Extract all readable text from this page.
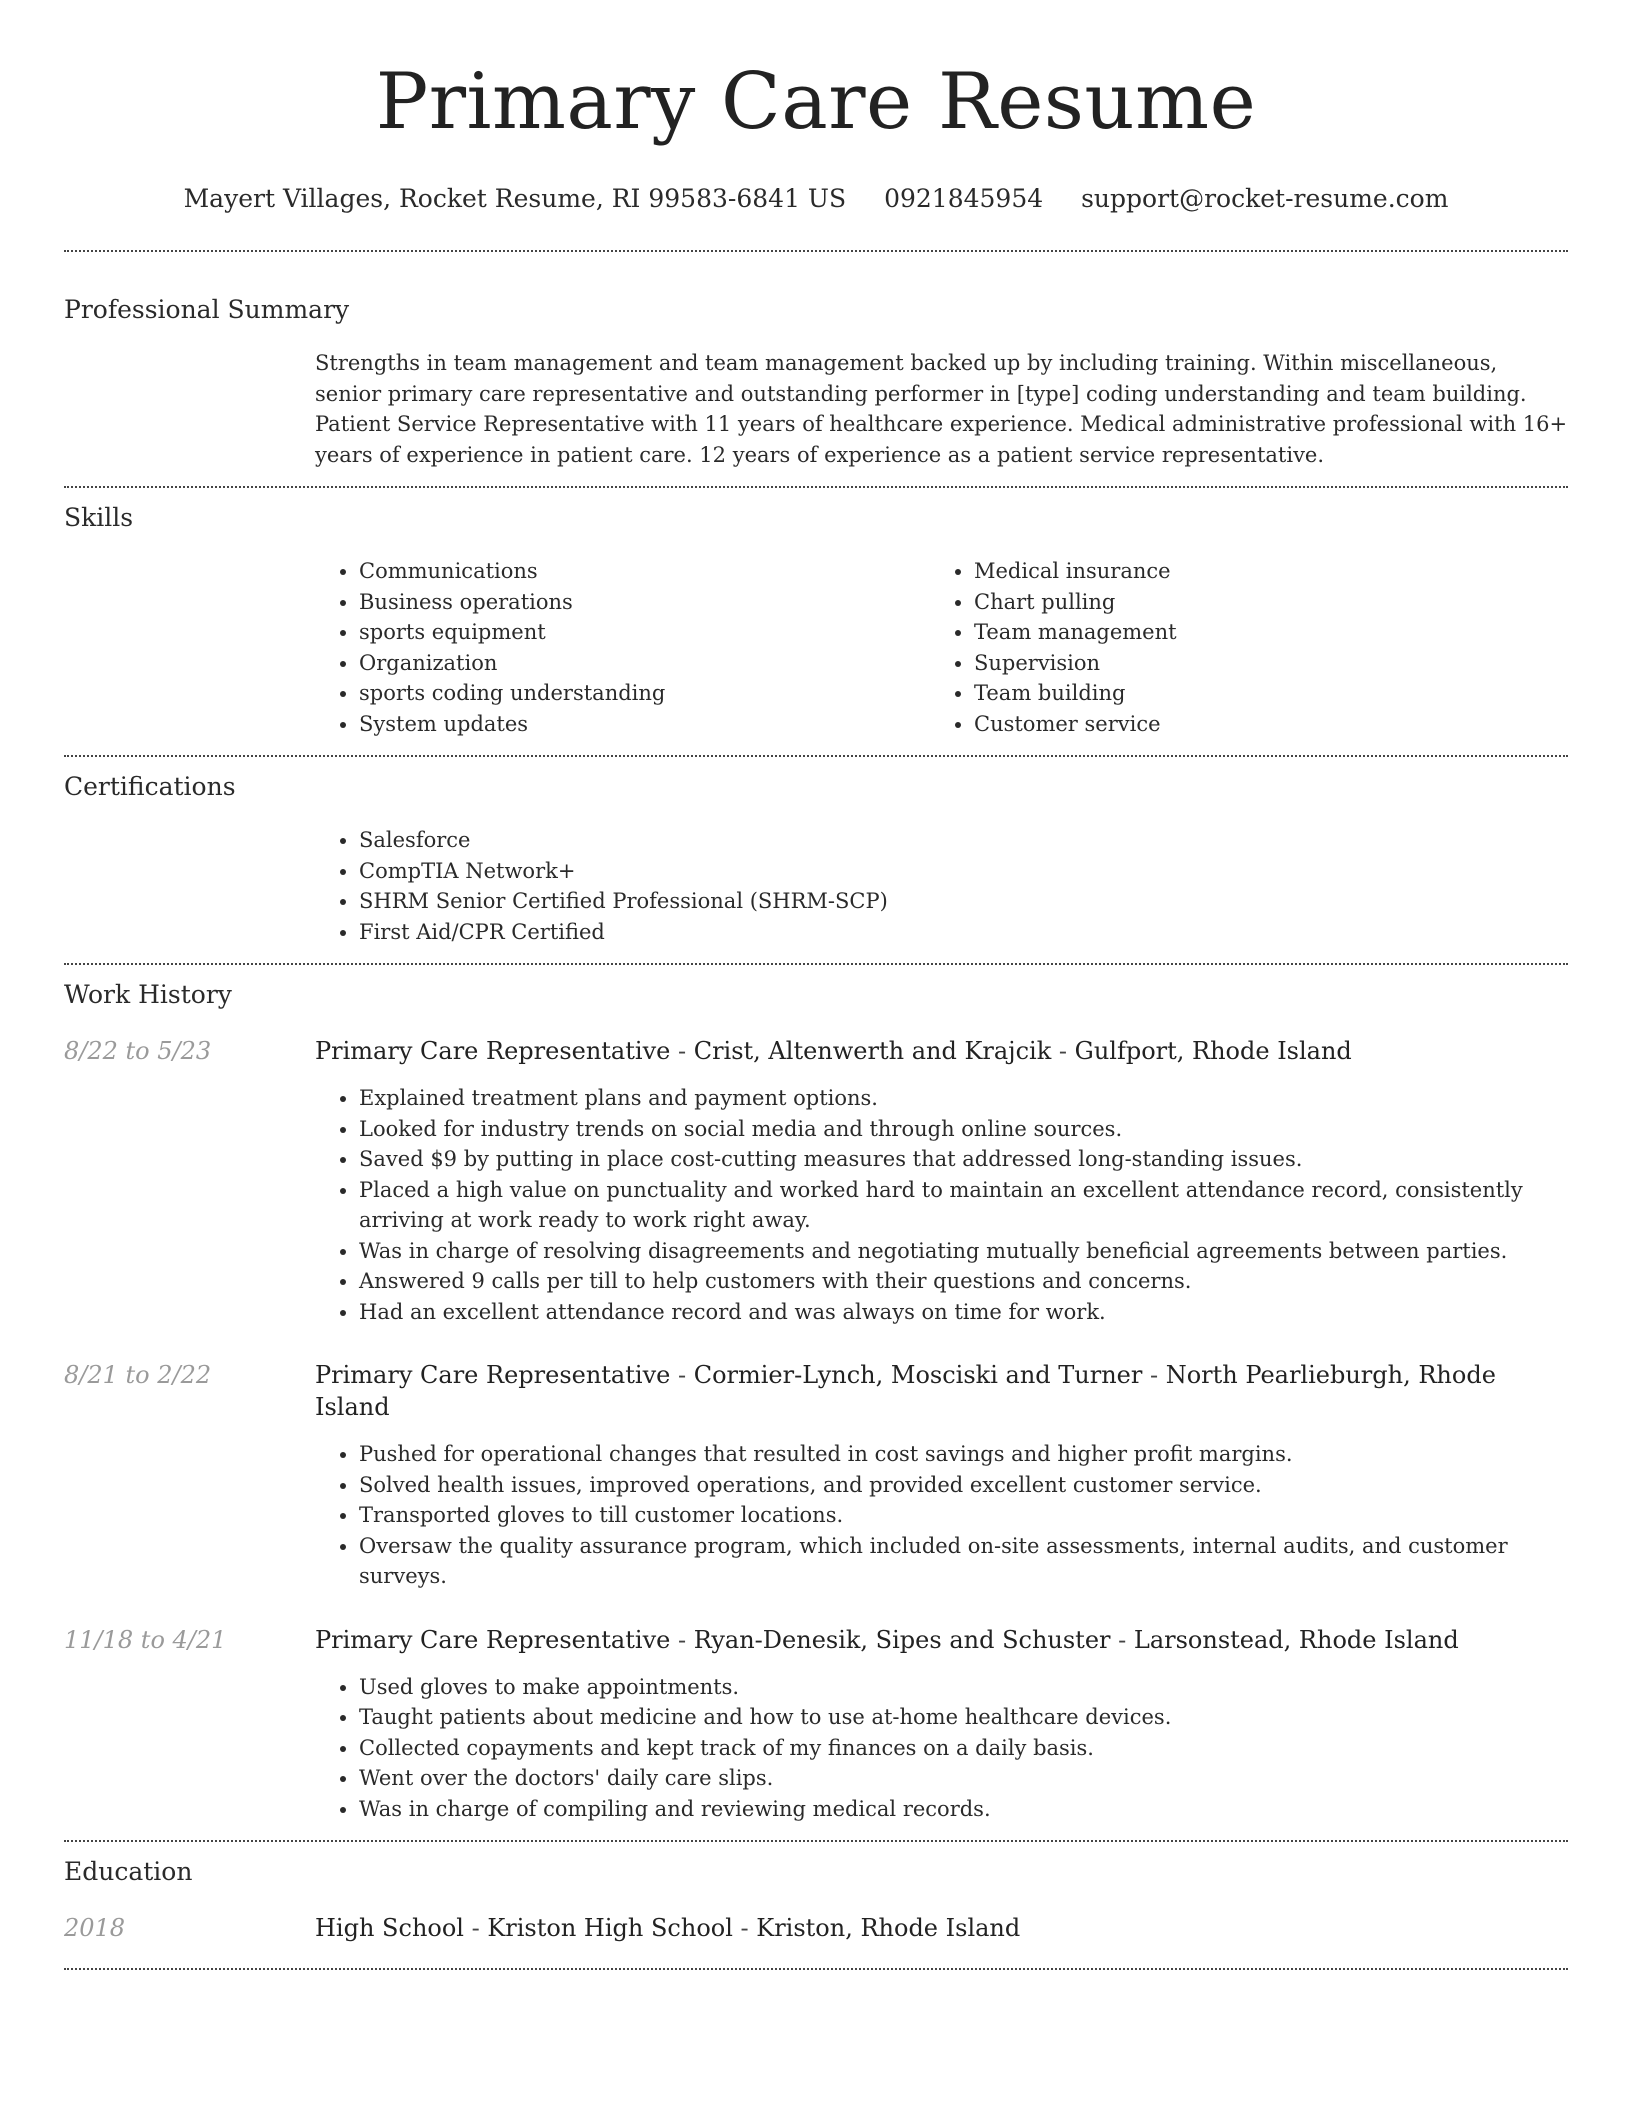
Primary Care Resume
Mayert Villages, Rocket Resume, RI 99583-6841 US 0921845954 support@rocket-resume.com
Professional Summary

Strengths in team management and team management backed up by including training. Within miscellaneous, senior primary care representative and outstanding performer in [type] coding understanding and team building. Patient Service Representative with 11 years of healthcare experience. Medical administrative professional with 16+ years of experience in patient care. 12 years of experience as a patient service representative.

Skills
• Communications
• Business operations
• sports equipment
• Organization
• sports coding understanding
• System updates
• Medical insurance
• Chart pulling
• Team management
• Supervision
• Team building
• Customer service
Certifications
• Salesforce
• CompTIA Network+
• SHRM Senior Certified Professional (SHRM-SCP)
• First Aid/CPR Certified
Work History
8/22 to 5/23	Primary Care Representative - Crist, Altenwerth and Krajcik - Gulfport, Rhode Island
• Explained treatment plans and payment options.
• Looked for industry trends on social media and through online sources.
• Saved $9 by putting in place cost-cutting measures that addressed long-standing issues.
• Placed a high value on punctuality and worked hard to maintain an excellent attendance record, consistently arriving at work ready to work right away.
• Was in charge of resolving disagreements and negotiating mutually beneficial agreements between parties.
• Answered 9 calls per till to help customers with their questions and concerns.
• Had an excellent attendance record and was always on time for work.
8/21 to 2/22	Primary Care Representative - Cormier-Lynch, Mosciski and Turner - North Pearlieburgh, Rhode Island
• Pushed for operational changes that resulted in cost savings and higher profit margins.
• Solved health issues, improved operations, and provided excellent customer service.
• Transported gloves to till customer locations.
• Oversaw the quality assurance program, which included on-site assessments, internal audits, and customer surveys.
11/18 to 4/21	Primary Care Representative - Ryan-Denesik, Sipes and Schuster - Larsonstead, Rhode Island
• Used gloves to make appointments.
• Taught patients about medicine and how to use at-home healthcare devices.
• Collected copayments and kept track of my finances on a daily basis.
• Went over the doctors' daily care slips.
• Was in charge of compiling and reviewing medical records.
Education
2018	High School - Kriston High School - Kriston, Rhode Island
